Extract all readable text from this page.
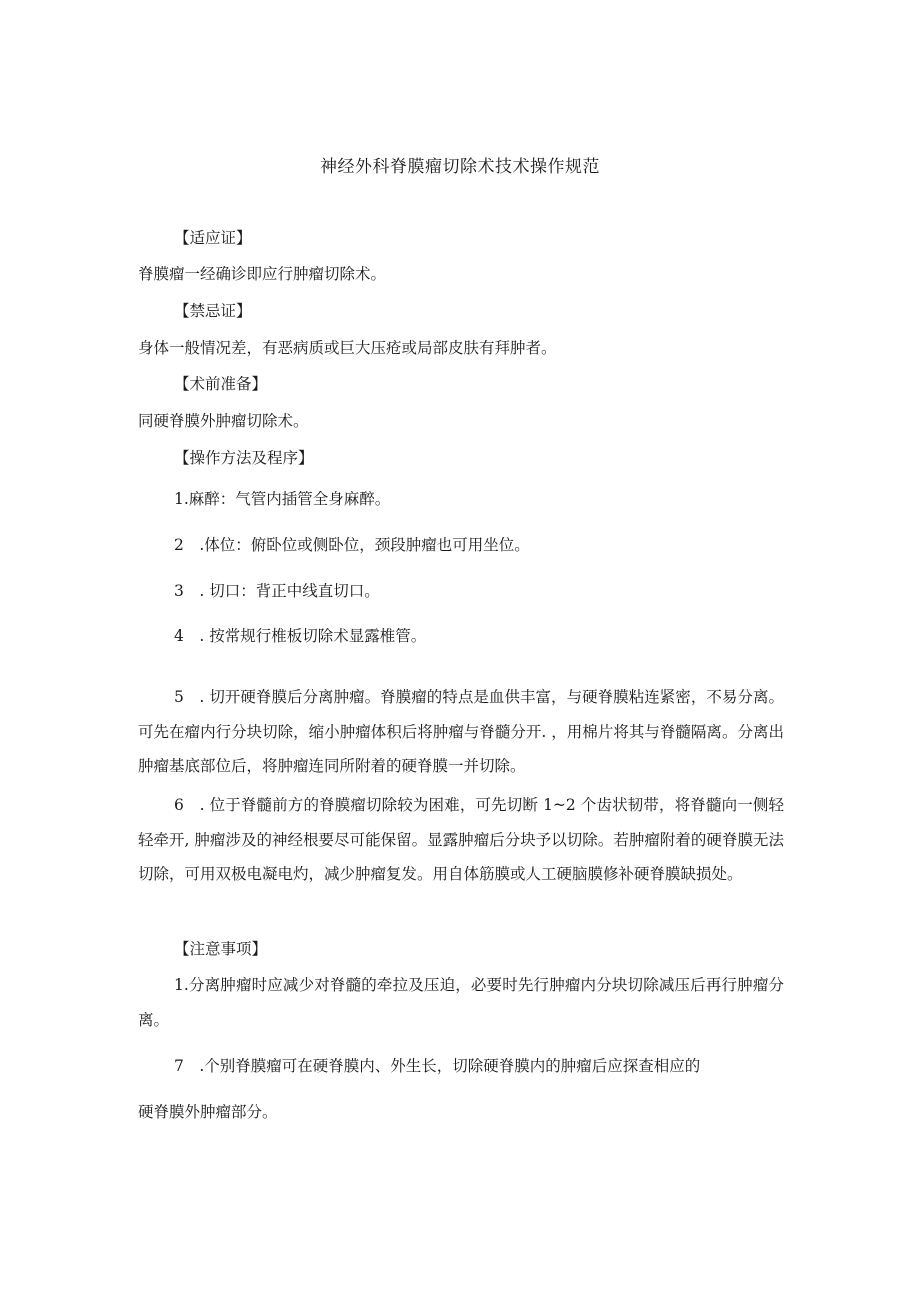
神经外科脊膜瘤切除术技术操作规范
【适应证】
脊膜瘤一经确诊即应行肿瘤切除术。
【禁忌证】
身体一般情况差，有恶病质或巨大压疮或局部皮肤有拜肿者。
【术前准备】
同硬脊膜外肿瘤切除术。
【操作方法及程序】
1.麻醉：气管内插管全身麻醉。
2　.体位：俯卧位或侧卧位，颈段肿瘤也可用坐位。
3　. 切口：背正中线直切口。
4　. 按常规行椎板切除术显露椎管。
5　. 切开硬脊膜后分离肿瘤。脊膜瘤的特点是血供丰富，与硬脊膜粘连紧密，不易分离。可先在瘤内行分块切除，缩小肿瘤体积后将肿瘤与脊髓分开. ，用棉片将其与脊髓隔离。分离出肿瘤基底部位后，将肿瘤连同所附着的硬脊膜一并切除。
6　. 位于脊髓前方的脊膜瘤切除较为困难，可先切断 1~2 个齿状韧带，将脊髓向一侧轻轻牵开, 肿瘤涉及的神经根要尽可能保留。显露肿瘤后分块予以切除。若肿瘤附着的硬脊膜无法切除，可用双极电凝电灼，减少肿瘤复发。用自体筋膜或人工硬脑膜修补硬脊膜缺损处。
【注意事项】
1.分离肿瘤时应减少对脊髓的牵拉及压迫，必要时先行肿瘤内分块切除减压后再行肿瘤分离。
7　.个别脊膜瘤可在硬脊膜内、外生长，切除硬脊膜内的肿瘤后应探查相应的
硬脊膜外肿瘤部分。
